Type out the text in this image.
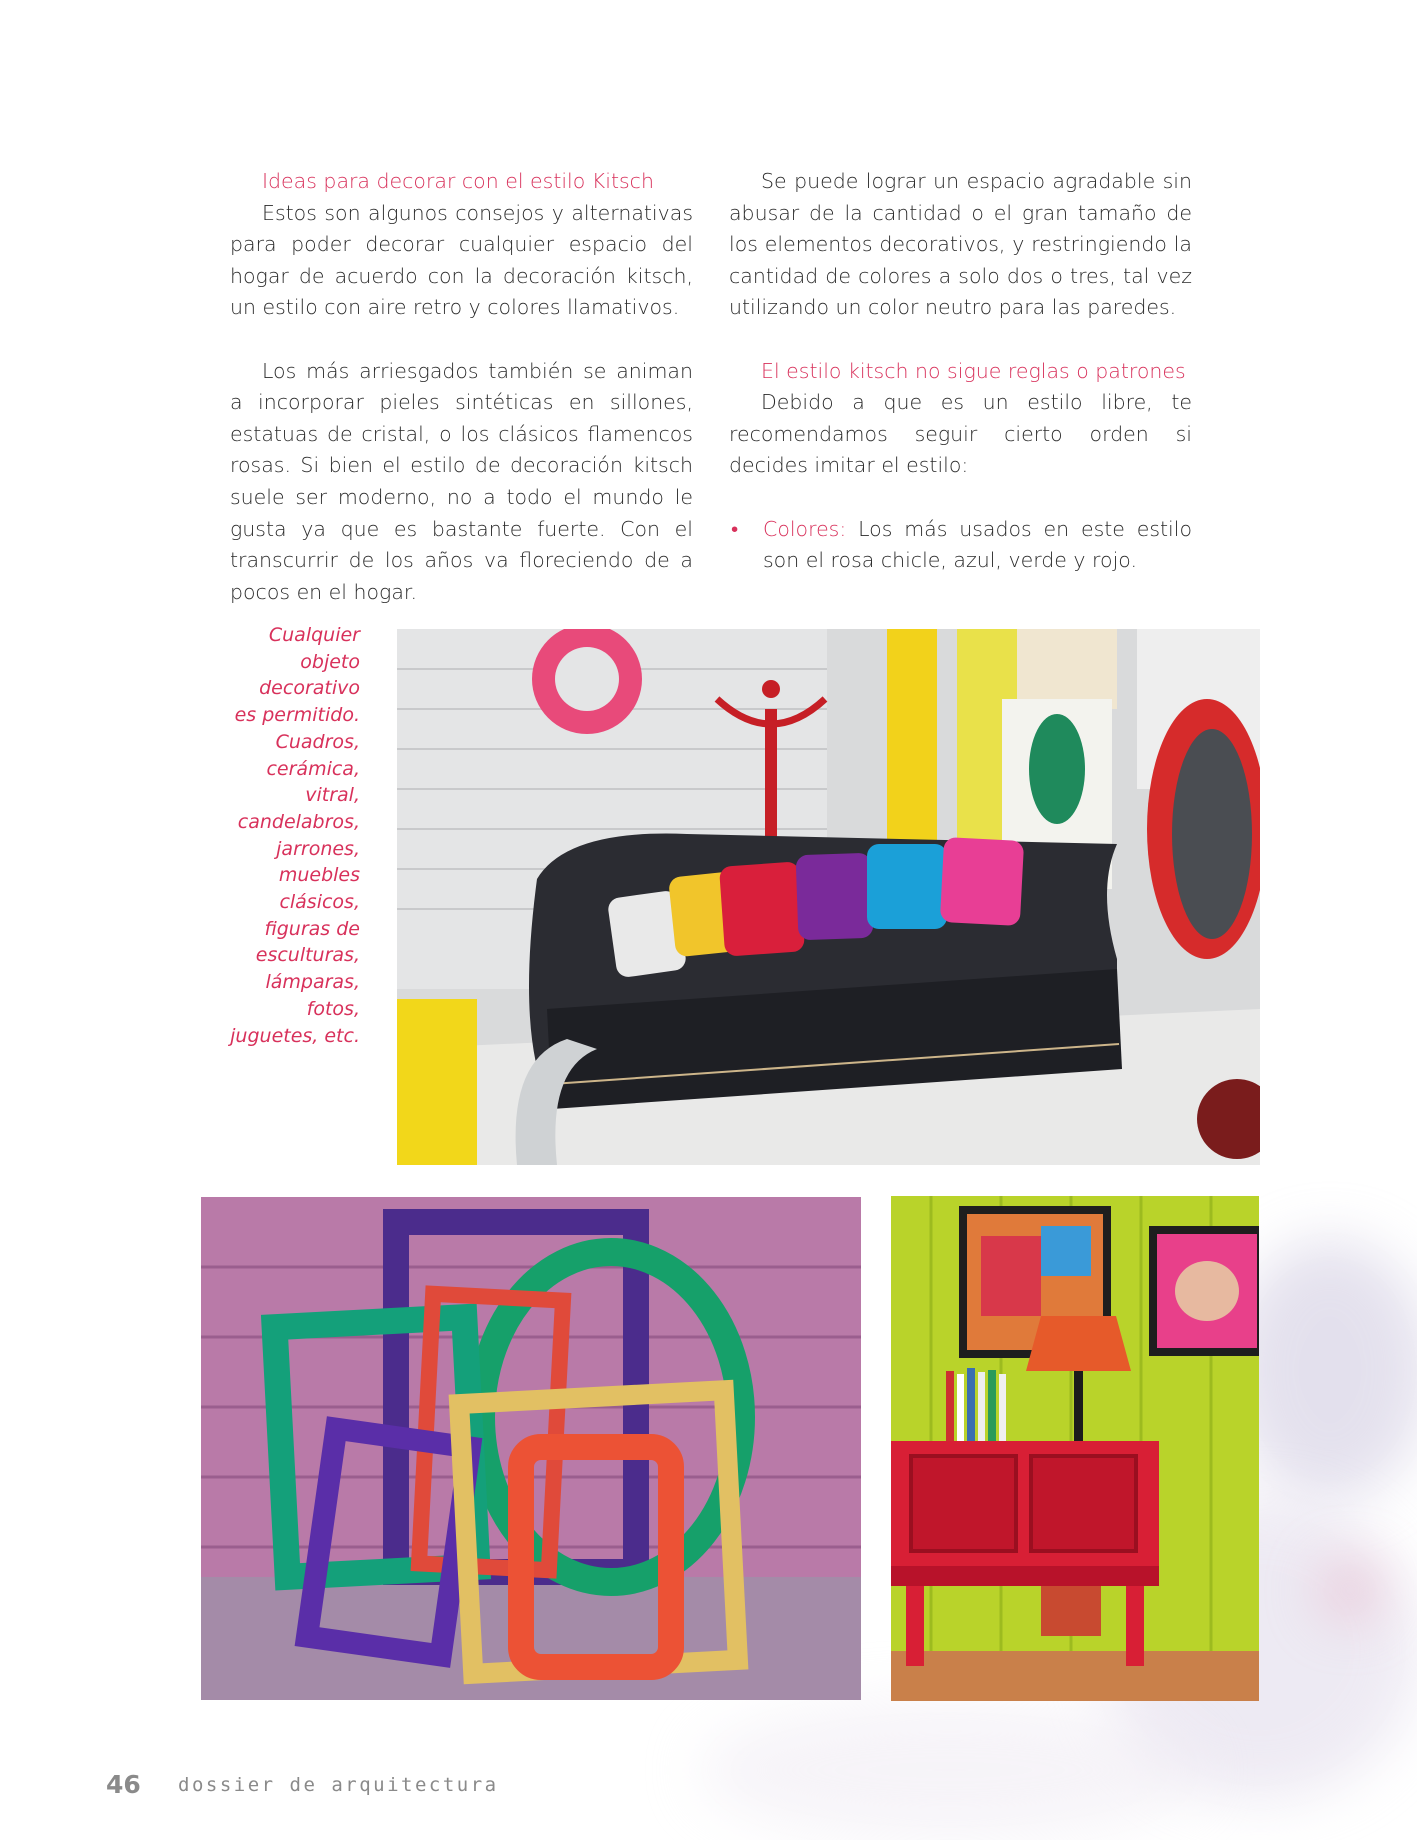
Ideas para decorar con el estilo Kitsch

Estos son algunos consejos y alternativas para poder decorar cualquier espacio del hogar de acuerdo con la decoración kitsch, un estilo con aire retro y colores llamativos.

Los más arriesgados también se animan a incorporar pieles sintéticas en sillones, estatuas de cristal, o los clásicos flamencos rosas. Si bien el estilo de decoración kitsch suele ser moderno, no a todo el mundo le gusta ya que es bastante fuerte. Con el transcurrir de los años va floreciendo de a pocos en el hogar.

Se puede lograr un espacio agradable sin abusar de la cantidad o el gran tamaño de los elementos decorativos, y restringiendo la cantidad de colores a solo dos o tres, tal vez utilizando un color neutro para las paredes.

El estilo kitsch no sigue reglas o patrones

Debido a que es un estilo libre, te recomendamos seguir cierto orden si decides imitar el estilo:

• Colores: Los más usados en este estilo son el rosa chicle, azul, verde y rojo.

Cualquier
objeto
decorativo
es permitido.
Cuadros,
cerámica,
vitral,
candelabros,
jarrones,
muebles
clásicos,
figuras de
esculturas,
lámparas,
fotos,
juguetes, etc.
46 dossier de arquitectura
